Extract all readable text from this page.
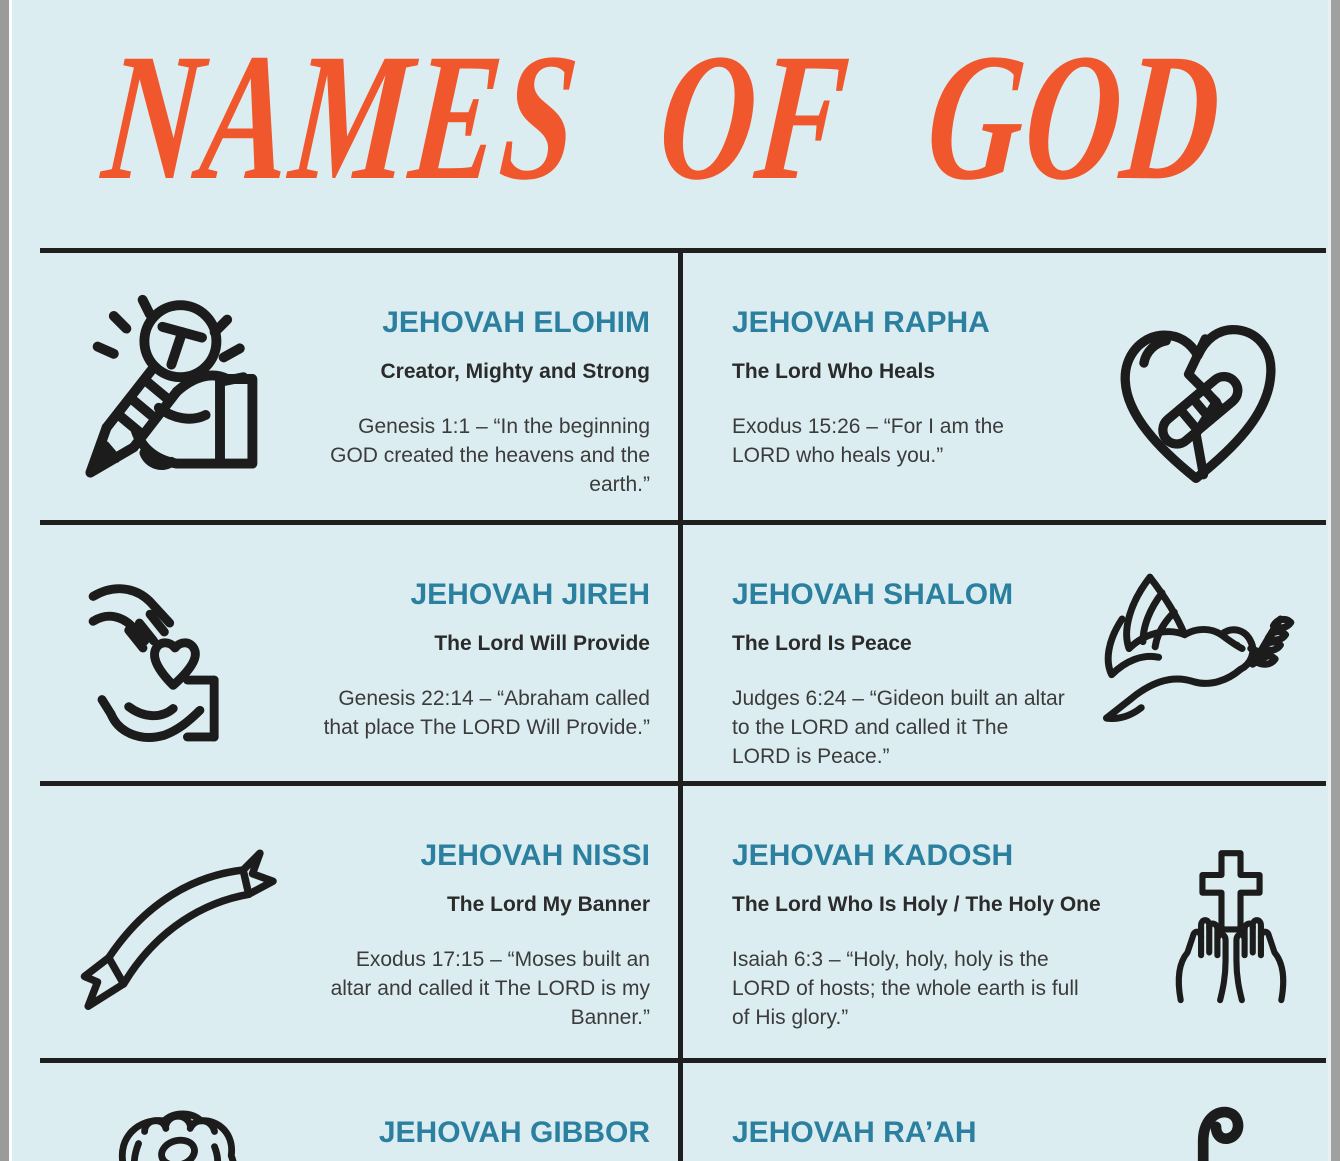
NAMES OF GOD
JEHOVAH ELOHIM
Creator, Mighty and Strong
Genesis 1:1 – “In the beginning GOD created the heavens and the earth.”
JEHOVAH RAPHA
The Lord Who Heals
Exodus 15:26 – “For I am the LORD who heals you.”
JEHOVAH JIREH
The Lord Will Provide
Genesis 22:14 – “Abraham called that place The LORD Will Provide.”
JEHOVAH SHALOM
The Lord Is Peace
Judges 6:24 – “Gideon built an altar to the LORD and called it The LORD is Peace.”
JEHOVAH NISSI
The Lord My Banner
Exodus 17:15 – “Moses built an altar and called it The LORD is my Banner.”
JEHOVAH KADOSH
The Lord Who Is Holy / The Holy One
Isaiah 6:3 – “Holy, holy, holy is the LORD of hosts; the whole earth is full of His glory.”
JEHOVAH GIBBOR	JEHOVAH RA’AH
